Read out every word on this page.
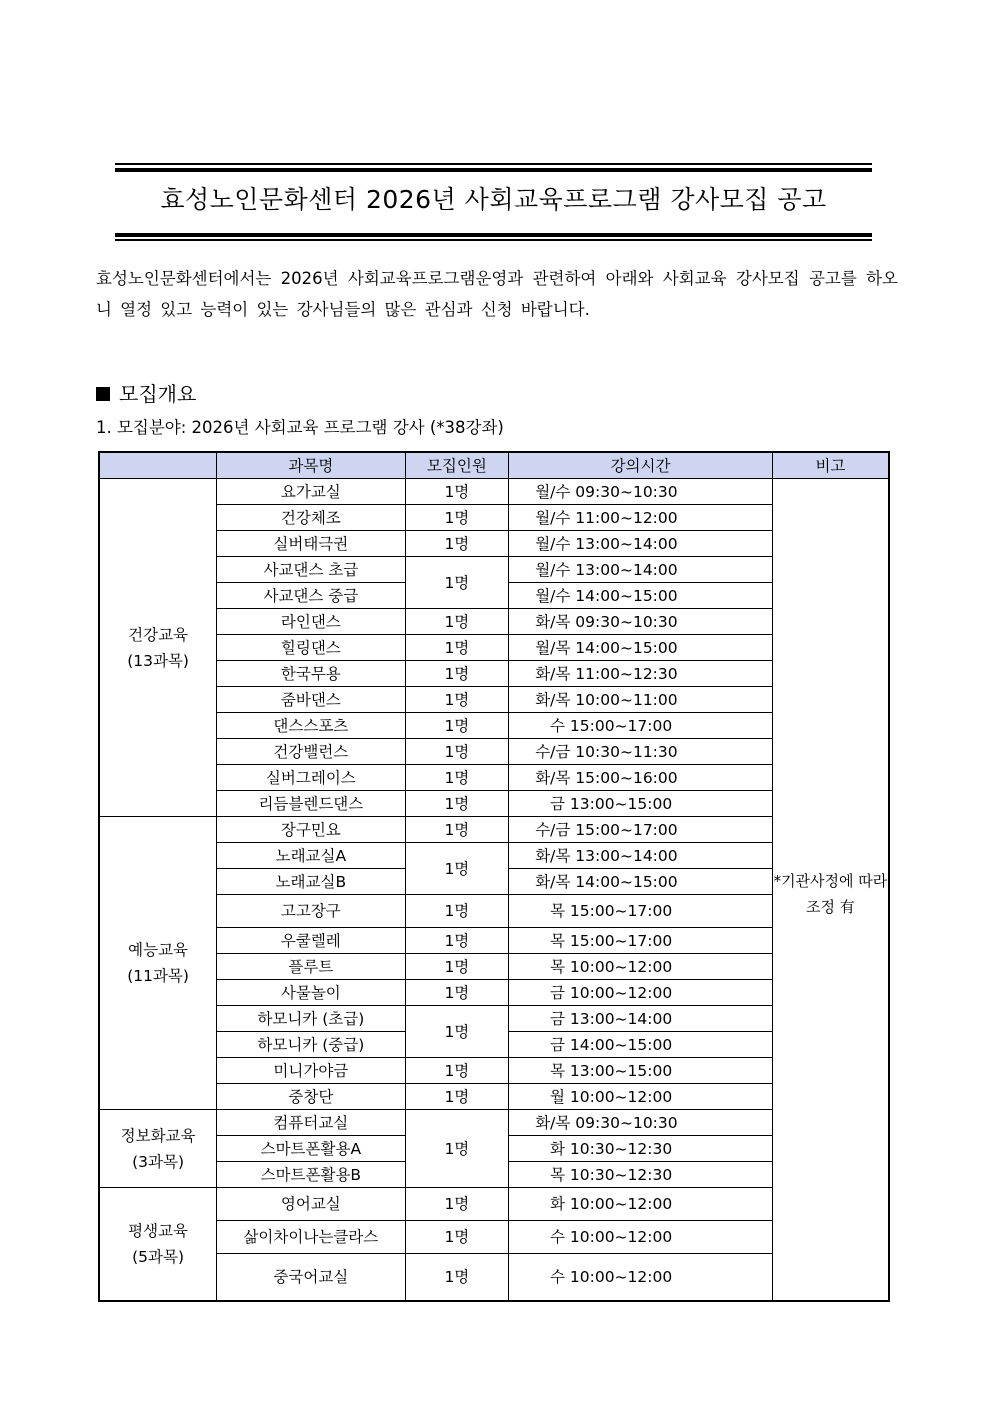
효성노인문화센터 2026년 사회교육프로그램 강사모집 공고
효성노인문화센터에서는 2026년 사회교육프로그램운영과 관련하여 아래와 사회교육 강사모집 공고를 하오니 열정 있고 능력이 있는 강사님들의 많은 관심과 신청 바랍니다.
모집개요
1. 모집분야: 2026년 사회교육 프로그램 강사 (*38강좌)
	과목명	모집인원	강의시간	비고
건강교육
(13과목)	요가교실	1명	월/수 09:30~10:30	*기관사정에 따라조정 有
	건강체조	1명	월/수 11:00~12:00	
	실버태극권	1명	월/수 13:00~14:00	
	사교댄스 초급	1명	월/수 13:00~14:00	
	사교댄스 중급		월/수 14:00~15:00	
	라인댄스	1명	화/목 09:30~10:30	
	힐링댄스	1명	월/목 14:00~15:00	
	한국무용	1명	화/목 11:00~12:30	
	줌바댄스	1명	화/목 10:00~11:00	
	댄스스포츠	1명	수 15:00~17:00	
	건강밸런스	1명	수/금 10:30~11:30	
	실버그레이스	1명	화/목 15:00~16:00	
	리듬블렌드댄스	1명	금 13:00~15:00	
예능교육
(11과목)	장구민요	1명	수/금 15:00~17:00	
	노래교실A	1명	화/목 13:00~14:00	
	노래교실B		화/목 14:00~15:00	
	고고장구	1명	목 15:00~17:00	
	우쿨렐레	1명	목 15:00~17:00	
	플루트	1명	목 10:00~12:00	
	사물놀이	1명	금 10:00~12:00	
	하모니카 (초급)	1명	금 13:00~14:00	
	하모니카 (중급)		금 14:00~15:00	
	미니가야금	1명	목 13:00~15:00	
	중창단	1명	월 10:00~12:00	
정보화교육
(3과목)	컴퓨터교실	1명	화/목 09:30~10:30	
	스마트폰활용A		화 10:30~12:30	
	스마트폰활용B		목 10:30~12:30	
평생교육
(5과목)	영어교실	1명	화 10:00~12:00	
	삶이차이나는클라스	1명	수 10:00~12:00	
	중국어교실	1명	수 10:00~12:00	
